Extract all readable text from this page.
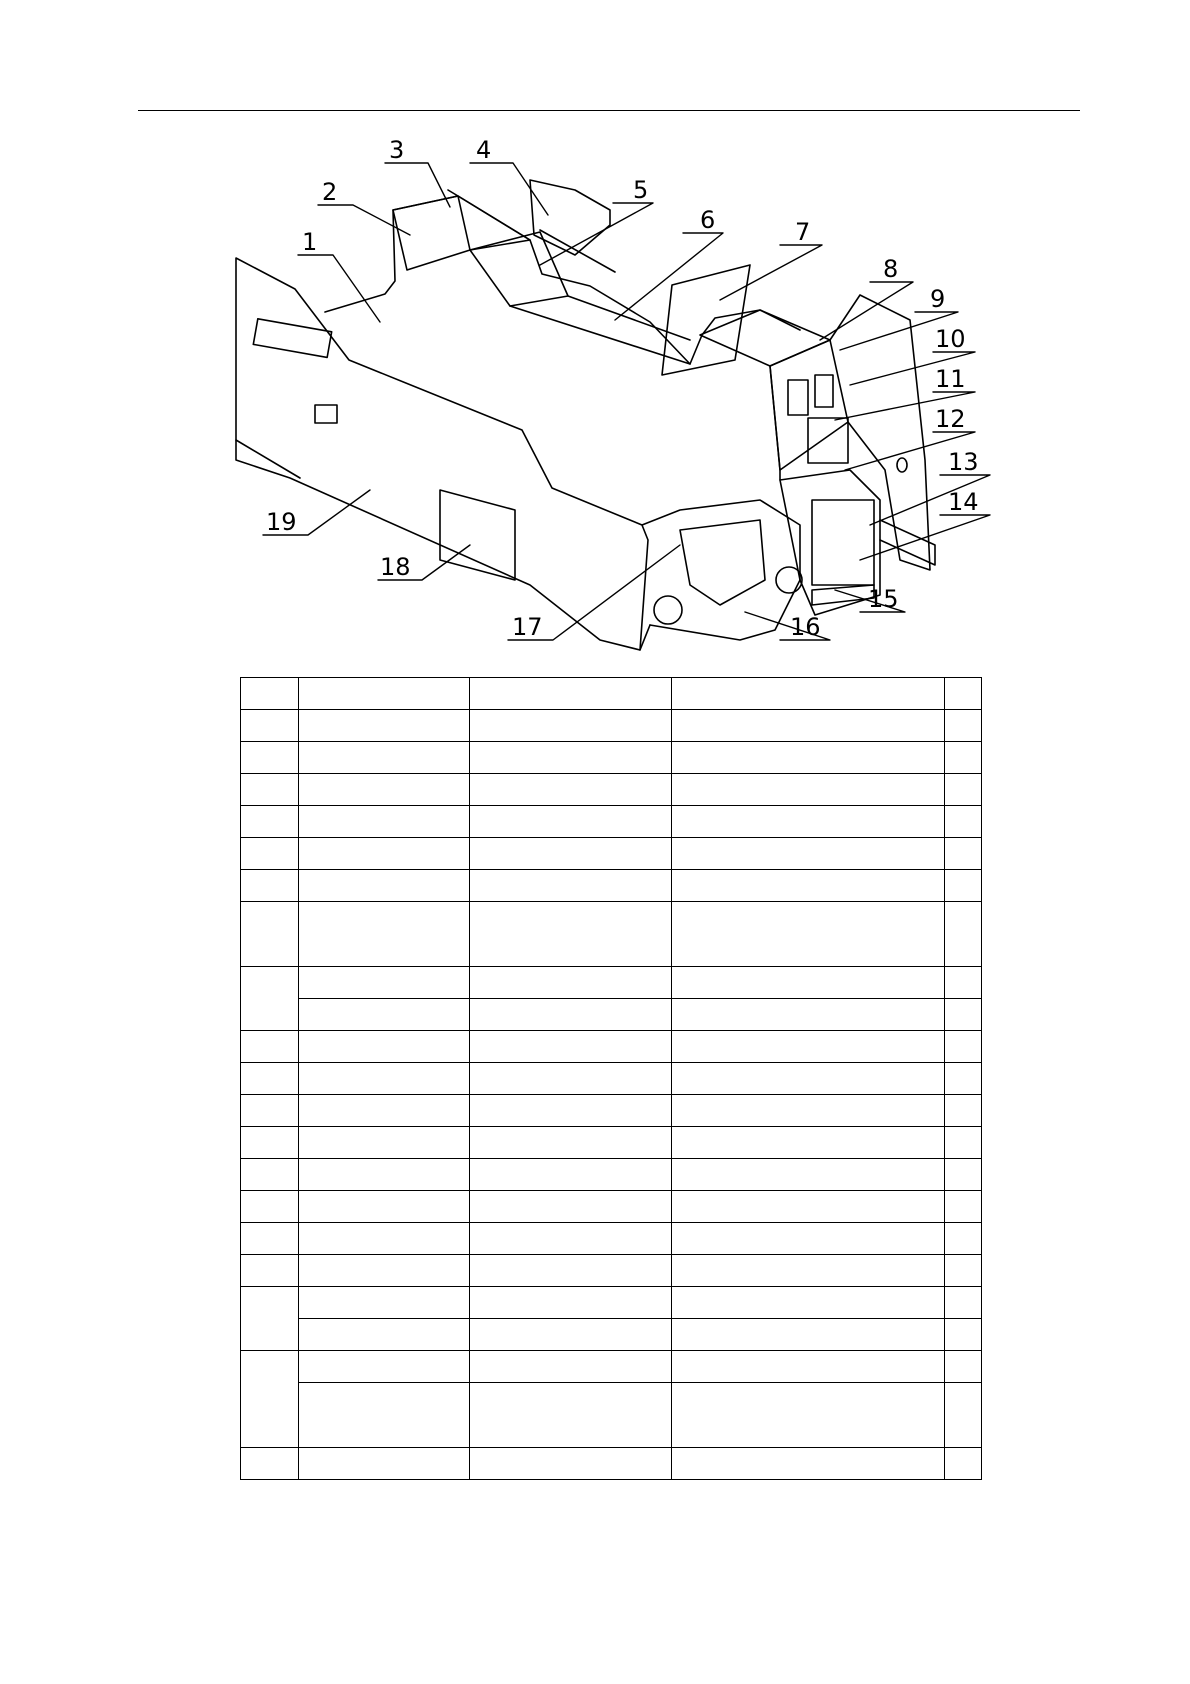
1
2
3	4
5
6	7
8
9
10
11
12
13
14
15
16
17
18
19
